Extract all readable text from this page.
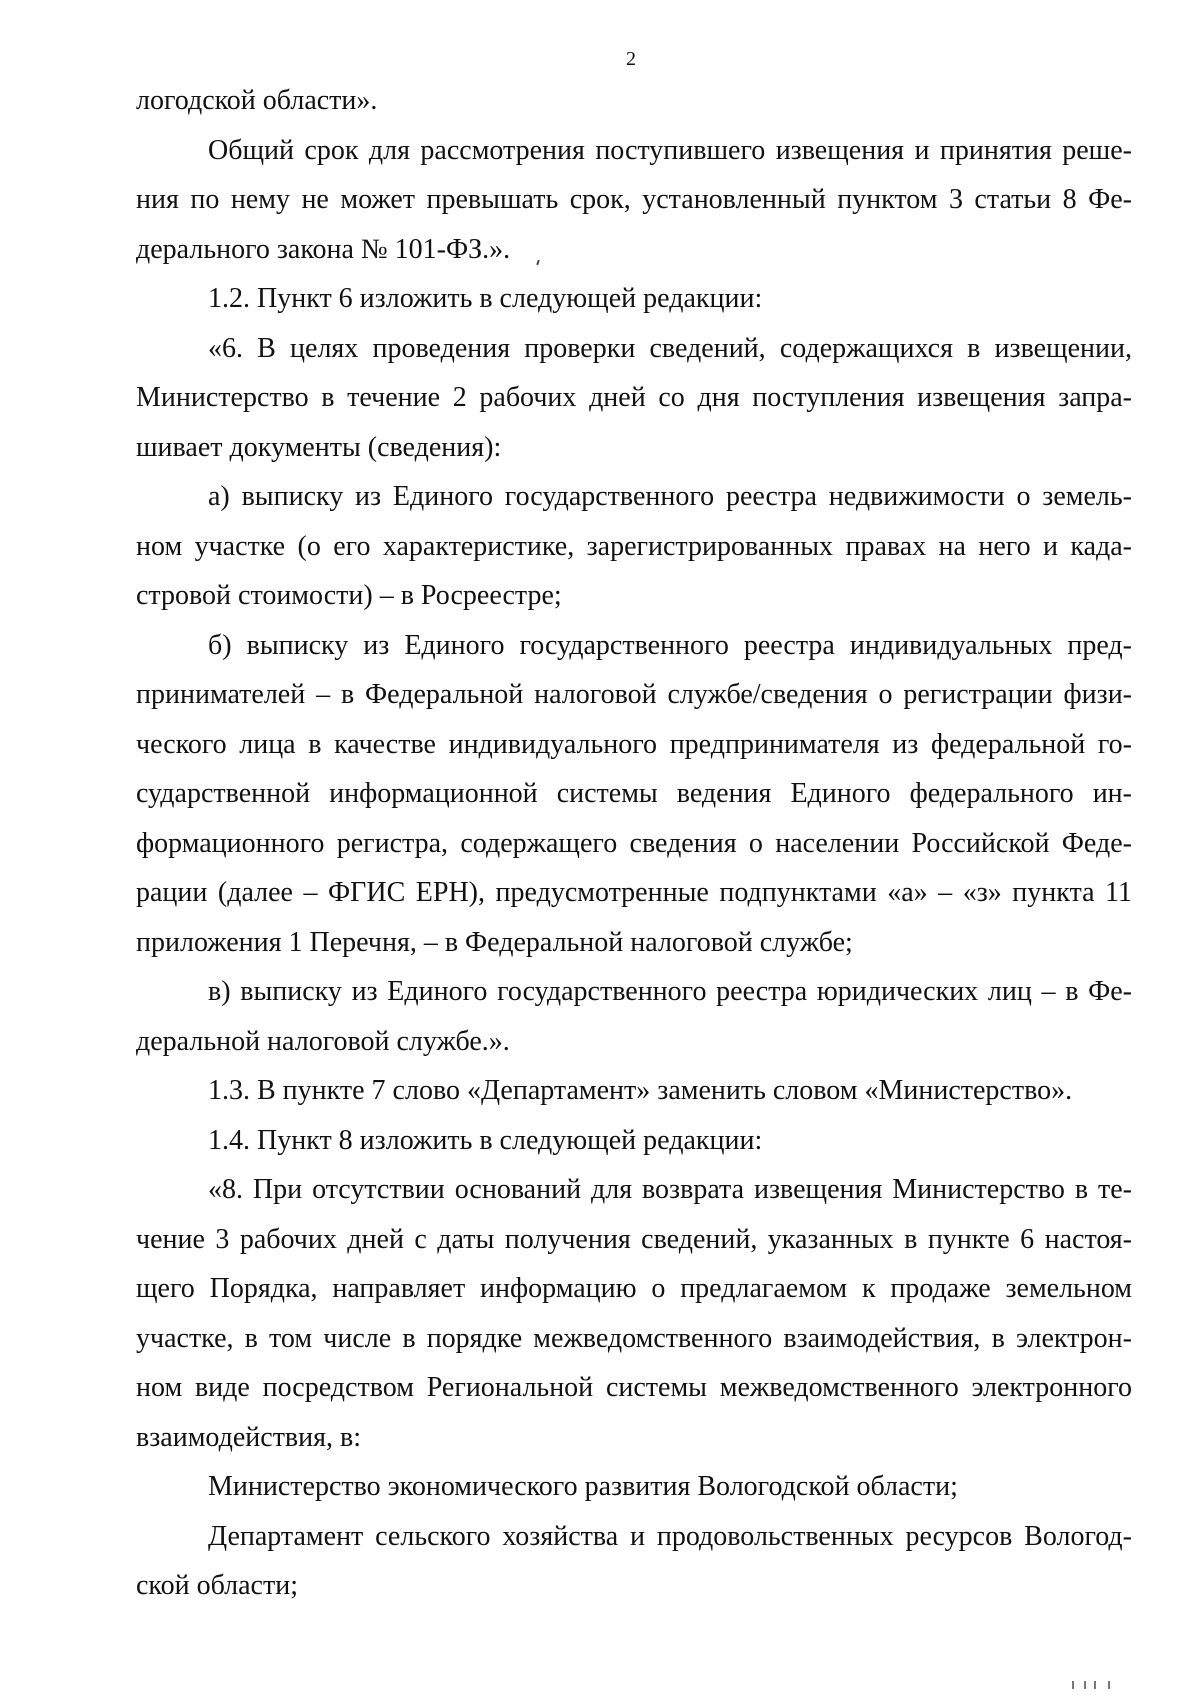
2

логодской области».

Общий срок для рассмотрения поступившего извещения и принятия реше-
ния по нему не может превышать срок, установленный пунктом 3 статьи 8 Фе-
дерального закона № 101-ФЗ.».

1.2. Пункт 6 изложить в следующей редакции:

«6. В целях проведения проверки сведений, содержащихся в извещении,
Министерство в течение 2 рабочих дней со дня поступления извещения запра-
шивает документы (сведения):

а) выписку из Единого государственного реестра недвижимости о земель-
ном участке (о его характеристике, зарегистрированных правах на него и када-
стровой стоимости) – в Росреестре;

б) выписку из Единого государственного реестра индивидуальных пред-
принимателей – в Федеральной налоговой службе/сведения о регистрации физи-
ческого лица в качестве индивидуального предпринимателя из федеральной го-
сударственной информационной системы ведения Единого федерального ин-
формационного регистра, содержащего сведения о населении Российской Феде-
рации (далее – ФГИС ЕРН), предусмотренные подпунктами «а» – «з» пункта 11
приложения 1 Перечня, – в Федеральной налоговой службе;

в) выписку из Единого государственного реестра юридических лиц – в Фе-
деральной налоговой службе.».

1.3. В пункте 7 слово «Департамент» заменить словом «Министерство».

1.4. Пункт 8 изложить в следующей редакции:

«8. При отсутствии оснований для возврата извещения Министерство в те-
чение 3 рабочих дней с даты получения сведений, указанных в пункте 6 настоя-
щего Порядка, направляет информацию о предлагаемом к продаже земельном
участке, в том числе в порядке межведомственного взаимодействия, в электрон-
ном виде посредством Региональной системы межведомственного электронного
взаимодействия, в:

Министерство экономического развития Вологодской области;

Департамент сельского хозяйства и продовольственных ресурсов Вологод-
ской области;
